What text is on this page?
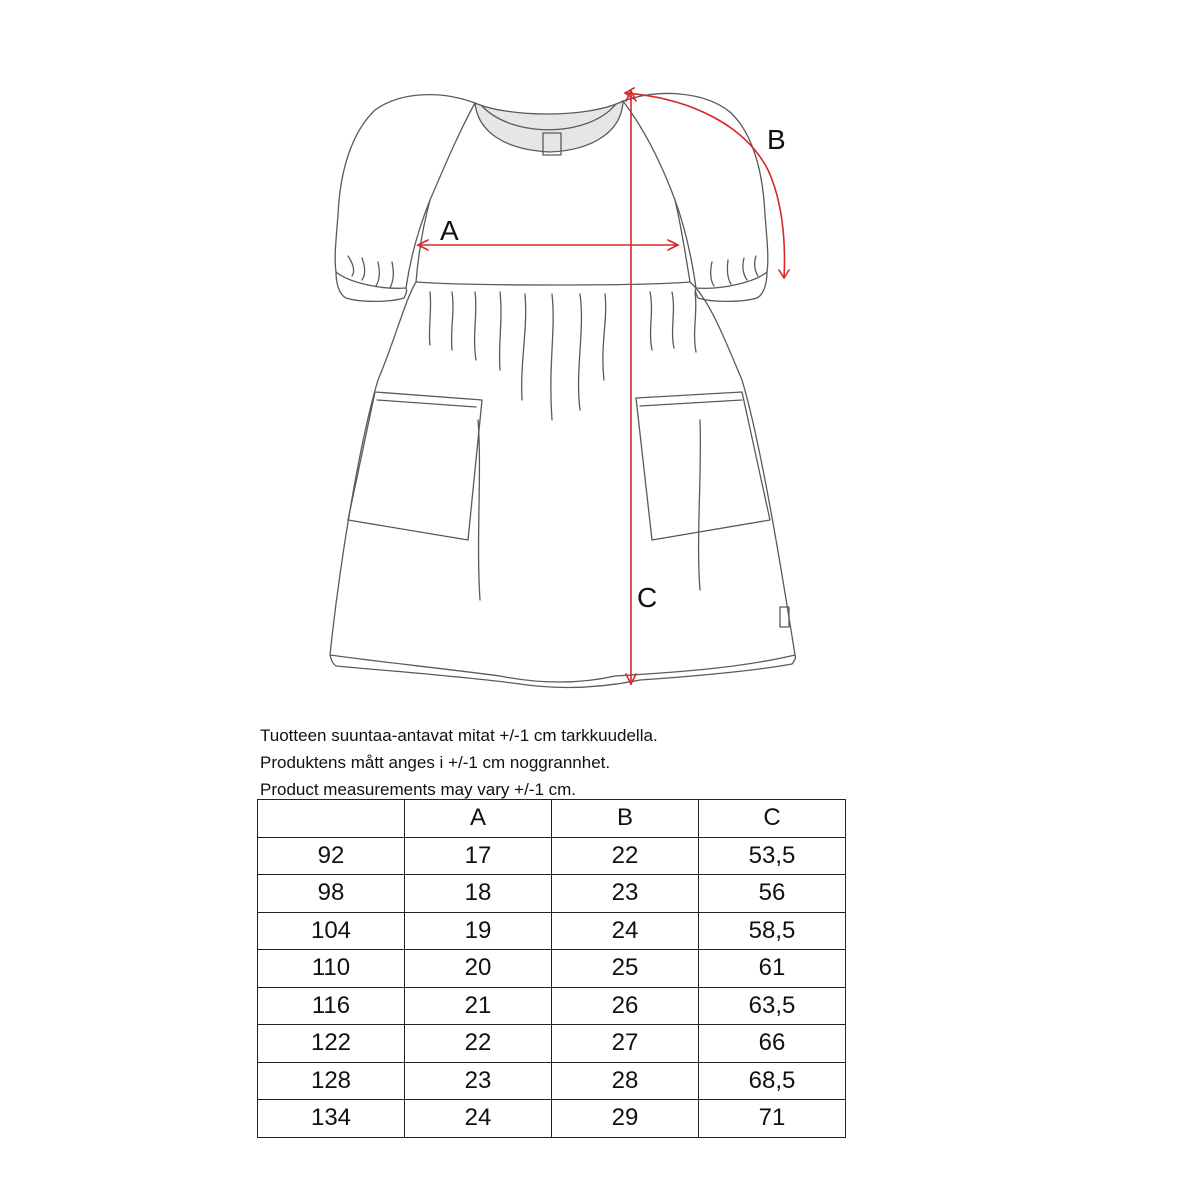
A
B
C
Tuotteen suuntaa-antavat mitat +/-1 cm tarkkuudella.
Produktens mått anges i +/-1 cm noggrannhet.
Product measurements may vary +/-1 cm.
	A	B	C
92	17	22	53,5
98	18	23	56
104	19	24	58,5
110	20	25	61
116	21	26	63,5
122	22	27	66
128	23	28	68,5
134	24	29	71
